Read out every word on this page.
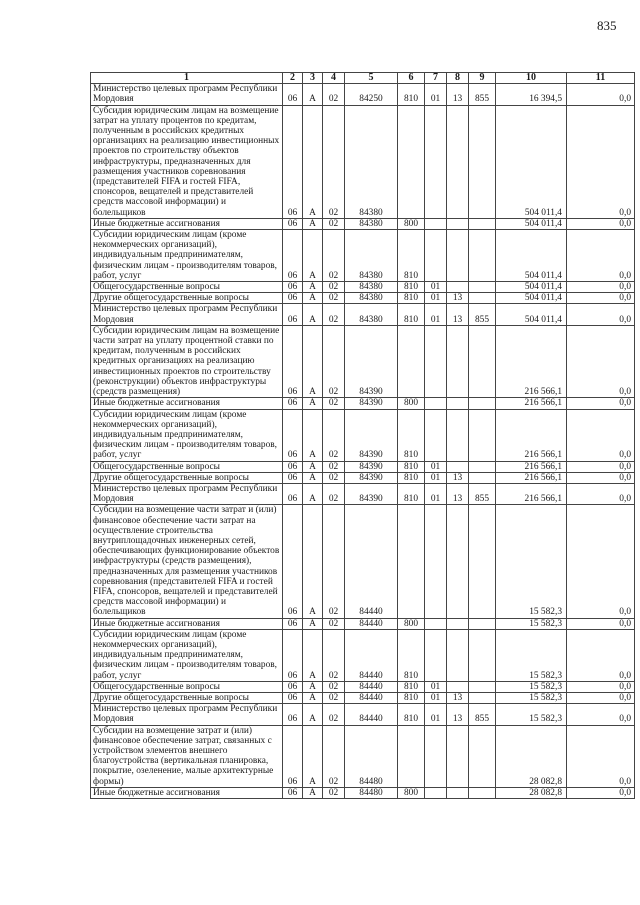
835
1	2	3	4	5	6	7	8	9	10	11
Министерство целевых программ Республики Мордовия	06	А	02	84250	810	01	13	855	16 394,5	0,0
Субсидия юридическим лицам на возмещение затрат на уплату процентов по кредитам, полученным в российских кредитных организациях на реализацию инвестиционных проектов по строительству объектов инфраструктуры, предназначенных для размещения участников соревнования (представителей FIFA и гостей FIFA, спонсоров, вещателей и представителей средств массовой информации) и болельщиков	06	А	02	84380					504 011,4	0,0
Иные бюджетные ассигнования	06	А	02	84380	800				504 011,4	0,0
Субсидии юридическим лицам (кроме некоммерческих организаций), индивидуальным предпринимателям, физическим лицам - производителям товаров, работ, услуг	06	А	02	84380	810				504 011,4	0,0
Общегосударственные вопросы	06	А	02	84380	810	01			504 011,4	0,0
Другие общегосударственные вопросы	06	А	02	84380	810	01	13		504 011,4	0,0
Министерство целевых программ Республики Мордовия	06	А	02	84380	810	01	13	855	504 011,4	0,0
Субсидии юридическим лицам на возмещение части затрат на уплату процентной ставки по кредитам, полученным в российских кредитных организациях на реализацию инвестиционных проектов по строительству (реконструкции) объектов инфраструктуры (средств размещения)	06	А	02	84390					216 566,1	0,0
Иные бюджетные ассигнования	06	А	02	84390	800				216 566,1	0,0
Субсидии юридическим лицам (кроме некоммерческих организаций), индивидуальным предпринимателям, физическим лицам - производителям товаров, работ, услуг	06	А	02	84390	810				216 566,1	0,0
Общегосударственные вопросы	06	А	02	84390	810	01			216 566,1	0,0
Другие общегосударственные вопросы	06	А	02	84390	810	01	13		216 566,1	0,0
Министерство целевых программ Республики Мордовия	06	А	02	84390	810	01	13	855	216 566,1	0,0
Субсидии на возмещение части затрат и (или) финансовое обеспечение части затрат на осуществление строительства внутриплощадочных инженерных сетей, обеспечивающих функционирование объектов инфраструктуры (средств размещения), предназначенных для размещения участников соревнования (представителей FIFA и гостей FIFA, спонсоров, вещателей и представителей средств массовой информации) и болельщиков	06	А	02	84440					15 582,3	0,0
Иные бюджетные ассигнования	06	А	02	84440	800				15 582,3	0,0
Субсидии юридическим лицам (кроме некоммерческих организаций), индивидуальным предпринимателям, физическим лицам - производителям товаров, работ, услуг	06	А	02	84440	810				15 582,3	0,0
Общегосударственные вопросы	06	А	02	84440	810	01			15 582,3	0,0
Другие общегосударственные вопросы	06	А	02	84440	810	01	13		15 582,3	0,0
Министерство целевых программ Республики Мордовия	06	А	02	84440	810	01	13	855	15 582,3	0,0
Субсидии на возмещение затрат и (или) финансовое обеспечение затрат, связанных с устройством элементов внешнего благоустройства (вертикальная планировка, покрытие, озеленение, малые архитектурные формы)	06	А	02	84480					28 082,8	0,0
Иные бюджетные ассигнования	06	А	02	84480	800				28 082,8	0,0
